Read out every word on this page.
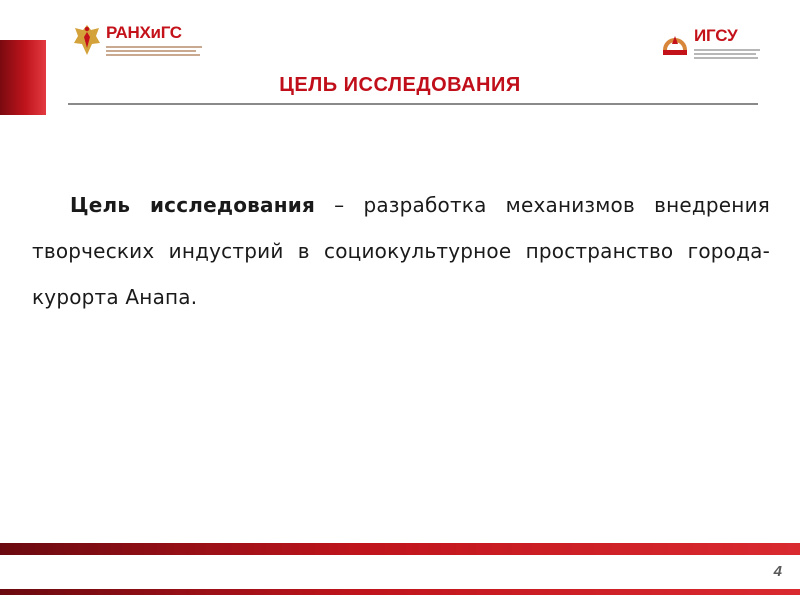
РАНХиГС	ИГСУ
ЦЕЛЬ ИССЛЕДОВАНИЯ

Цель исследования – разработка механизмов внедрения творческих индустрий в социокультурное пространство города-курорта Анапа.

4
